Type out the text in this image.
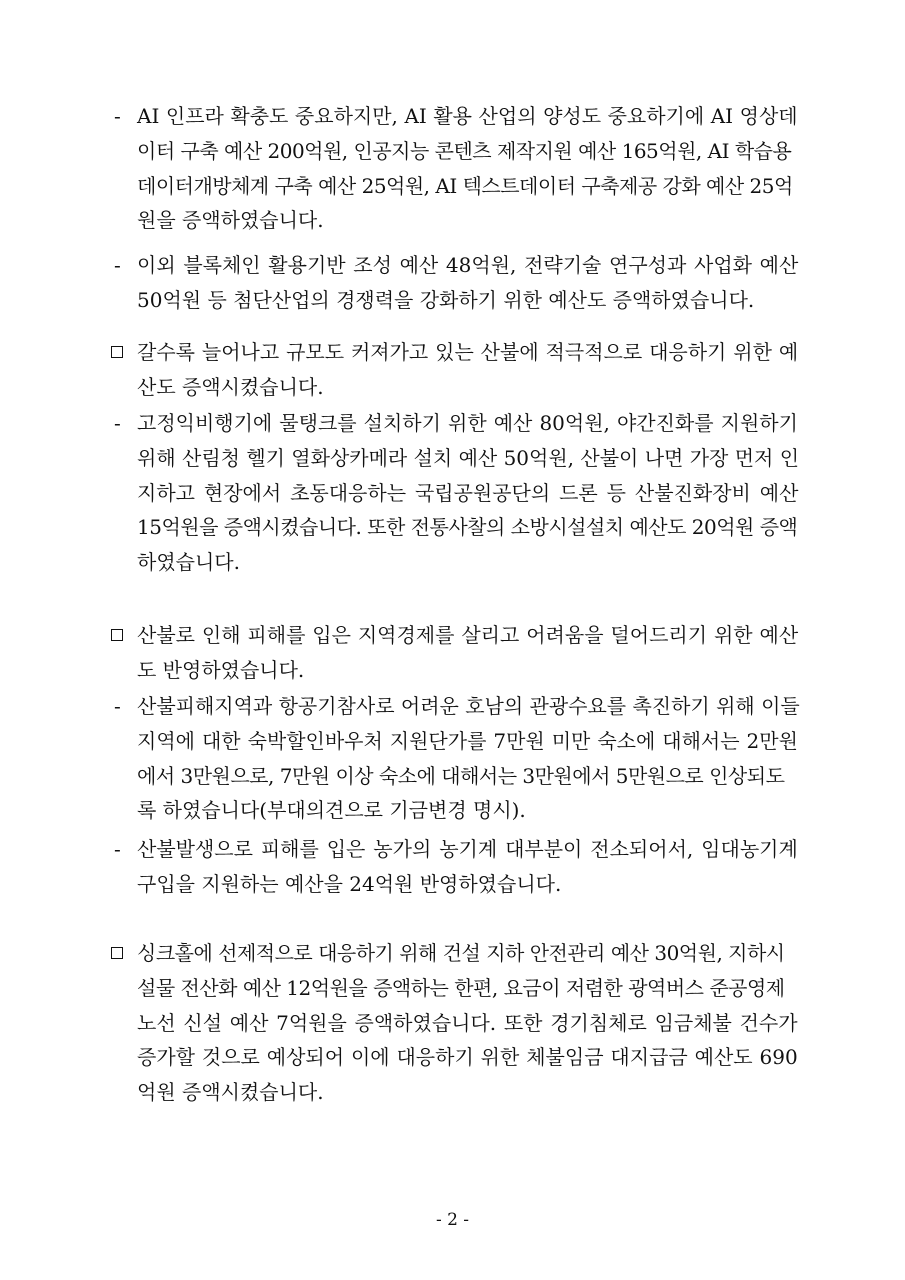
- 2 -
- AI 인프라 확충도 중요하지만, AI 활용 산업의 양성도 중요하기에 AI 영상데

이터 구축 예산 200억원, 인공지능 콘텐츠 제작지원 예산 165억원, AI 학습용

데이터개방체계 구축 예산 25억원, AI 텍스트데이터 구축제공 강화 예산 25억

원을 증액하였습니다.

- 이외 블록체인 활용기반 조성 예산 48억원, 전략기술 연구성과 사업화 예산

50억원 등 첨단산업의 경쟁력을 강화하기 위한 예산도 증액하였습니다.

갈수록 늘어나고 규모도 커져가고 있는 산불에 적극적으로 대응하기 위한 예

산도 증액시켰습니다.

- 고정익비행기에 물탱크를 설치하기 위한 예산 80억원, 야간진화를 지원하기

위해 산림청 헬기 열화상카메라 설치 예산 50억원, 산불이 나면 가장 먼저 인

지하고 현장에서 초동대응하는 국립공원공단의 드론 등 산불진화장비 예산

15억원을 증액시켰습니다. 또한 전통사찰의 소방시설설치 예산도 20억원 증액

하였습니다.

산불로 인해 피해를 입은 지역경제를 살리고 어려움을 덜어드리기 위한 예산

도 반영하였습니다.

- 산불피해지역과 항공기참사로 어려운 호남의 관광수요를 촉진하기 위해 이들

지역에 대한 숙박할인바우처 지원단가를 7만원 미만 숙소에 대해서는 2만원

에서 3만원으로, 7만원 이상 숙소에 대해서는 3만원에서 5만원으로 인상되도

록 하였습니다(부대의견으로 기금변경 명시).

- 산불발생으로 피해를 입은 농가의 농기계 대부분이 전소되어서, 임대농기계

구입을 지원하는 예산을 24억원 반영하였습니다.

싱크홀에 선제적으로 대응하기 위해 건설 지하 안전관리 예산 30억원, 지하시

설물 전산화 예산 12억원을 증액하는 한편, 요금이 저렴한 광역버스 준공영제

노선 신설 예산 7억원을 증액하였습니다. 또한 경기침체로 임금체불 건수가

증가할 것으로 예상되어 이에 대응하기 위한 체불임금 대지급금 예산도 690

억원 증액시켰습니다.
